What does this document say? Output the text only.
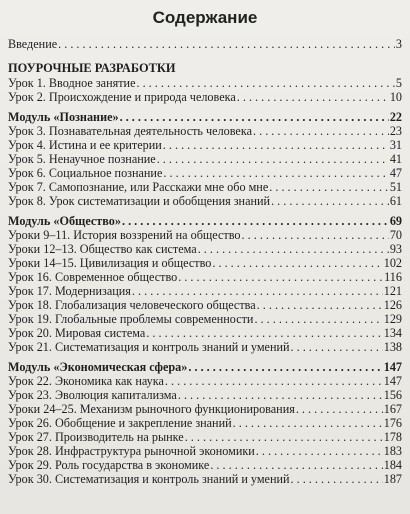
Содержание
Введение . . .	3
ПОУРОЧНЫЕ РАЗРАБОТКИ
Урок 1. Вводное занятие . . .	5
Урок 2. Происхождение и природа человека . . .	10
Модуль «Познание» . . .	22
Урок 3. Познавательная деятельность человека . . .	23
Урок 4. Истина и ее критерии . . .	31
Урок 5. Ненаучное познание . . .	41
Урок 6. Социальное познание . . .	47
Урок 7. Самопознание, или Расскажи мне обо мне . . .	51
Урок 8. Урок систематизации и обобщения знаний . . .	61
Модуль «Общество» . . .	69
Уроки 9–11. История воззрений на общество . . .	70
Уроки 12–13. Общество как система . . .	93
Уроки 14–15. Цивилизация и общество . . .	102
Урок 16. Современное общество . . .	116
Урок 17. Модернизация . . .	121
Урок 18. Глобализация человеческого общества . . .	126
Урок 19. Глобальные проблемы современности . . .	129
Урок 20. Мировая система . . .	134
Урок 21. Систематизация и контроль знаний и умений . . .	138
Модуль «Экономическая сфера» . . .	147
Урок 22. Экономика как наука . . .	147
Урок 23. Эволюция капитализма . . .	156
Уроки 24–25. Механизм рыночного функционирования . . .	167
Урок 26. Обобщение и закрепление знаний . . .	176
Урок 27. Производитель на рынке . . .	178
Урок 28. Инфраструктура рыночной экономики . . .	183
Урок 29. Роль государства в экономике . . .	184
Урок 30. Систематизация и контроль знаний и умений . . .	187
